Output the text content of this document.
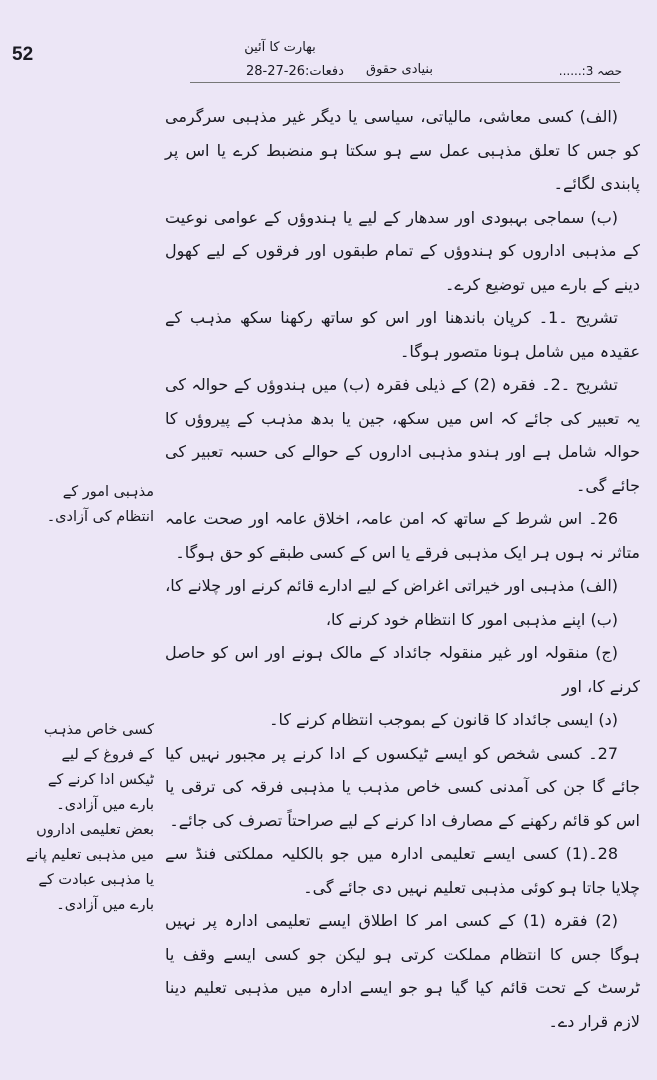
52	بھارت کا آئین
حصہ 3:......
بنیادی حقوق
دفعات:26-27-28

(الف) کسی معاشی، مالیاتی، سیاسی یا دیگر غیر مذہبی سرگرمی کو جس کا تعلق مذہبی عمل سے ہو سکتا ہو منضبط کرے یا اس پر پابندی لگائے۔

(ب) سماجی بہبودی اور سدھار کے لیے یا ہندوؤں کے عوامی نوعیت کے مذہبی اداروں کو ہندوؤں کے تمام طبقوں اور فرقوں کے لیے کھول دینے کے بارے میں توضیع کرے۔

تشریح ۔1۔ کرپان باندھنا اور اس کو ساتھ رکھنا سکھ مذہب کے عقیدہ میں شامل ہونا متصور ہوگا۔

تشریح ۔2۔ فقرہ (2) کے ذیلی فقرہ (ب) میں ہندوؤں کے حوالہ کی یہ تعبیر کی جائے کہ اس میں سکھ، جین یا بدھ مذہب کے پیروؤں کا حوالہ شامل ہے اور ہندو مذہبی اداروں کے حوالے کی حسبہ تعبیر کی جائے گی۔

26۔ اس شرط کے ساتھ کہ امن عامہ، اخلاق عامہ اور صحت عامہ متاثر نہ ہوں ہر ایک مذہبی فرقے یا اس کے کسی طبقے کو حق ہوگا۔

(الف) مذہبی اور خیراتی اغراض کے لیے ادارے قائم کرنے اور چلانے کا،

(ب) اپنے مذہبی امور کا انتظام خود کرنے کا،

(ج) منقولہ اور غیر منقولہ جائداد کے مالک ہونے اور اس کو حاصل کرنے کا، اور

(د) ایسی جائداد کا قانون کے بموجب انتظام کرنے کا۔

27۔ کسی شخص کو ایسے ٹیکسوں کے ادا کرنے پر مجبور نہیں کیا جائے گا جن کی آمدنی کسی خاص مذہب یا مذہبی فرقہ کی ترقی یا اس کو قائم رکھنے کے مصارف ادا کرنے کے لیے صراحتاً تصرف کی جائے۔

28۔(1) کسی ایسے تعلیمی ادارہ میں جو بالکلیہ مملکتی فنڈ سے چلایا جاتا ہو کوئی مذہبی تعلیم نہیں دی جائے گی۔

(2) فقرہ (1) کے کسی امر کا اطلاق ایسے تعلیمی ادارہ پر نہیں ہوگا جس کا انتظام مملکت کرتی ہو لیکن جو کسی ایسے وقف یا ٹرسٹ کے تحت قائم کیا گیا ہو جو ایسے ادارہ میں مذہبی تعلیم دینا لازم قرار دے۔

مذہبی امور کے انتظام کی آزادی۔
کسی خاص مذہب کے فروغ کے لیے ٹیکس ادا کرنے کے بارے میں آزادی۔
بعض تعلیمی اداروں میں مذہبی تعلیم پانے یا مذہبی عبادت کے بارے میں آزادی۔
